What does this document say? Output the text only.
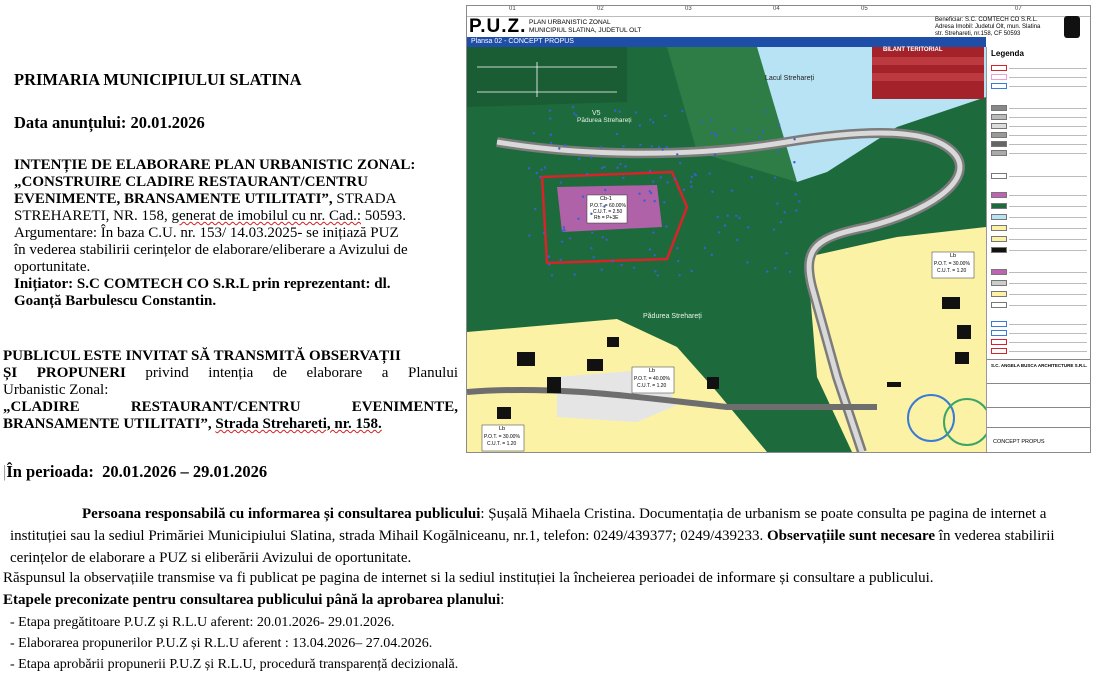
PRIMARIA MUNICIPIULUI SLATINA
Data anunțului: 20.01.2026
INTENȚIE DE ELABORARE PLAN URBANISTIC ZONAL:
„CONSTRUIRE CLADIRE RESTAURANT/CENTRU
EVENIMENTE, BRANSAMENTE UTILITATI”, STRADA
STREHARETI, NR. 158, generat de imobilul cu nr. Cad.: 50593.
Argumentare: În baza C.U. nr. 153/ 14.03.2025- se inițiază PUZ
în vederea stabilirii cerințelor de elaborare/eliberare a Avizului de
oportunitate.
Inițiator: S.C COMTECH CO S.R.L prin reprezentant: dl.
Goanță Barbulescu Constantin.
PUBLICUL ESTE INVITAT SĂ TRANSMITĂ OBSERVAȚII
ȘI PROPUNERI privind intenția de elaborare a Planului
Urbanistic Zonal:
„CLADIRE RESTAURANT/CENTRU EVENIMENTE,
BRANSAMENTE UTILITATI”, Strada Strehareti, nr. 158.
|În perioada: 20.01.2026 – 29.01.2026
Persoana responsabilă cu informarea și consultarea publicului: Șușală Mihaela Cristina. Documentația de urbanism se poate consulta pe pagina de internet a instituției sau la sediul Primăriei Municipiului Slatina, strada Mihail Kogălniceanu, nr.1, telefon: 0249/439377; 0249/439233. Observațiile sunt necesare în vederea stabilirii cerințelor de elaborare a PUZ si eliberării Avizului de oportunitate.
Răspunsul la observațiile transmise va fi publicat pe pagina de internet si la sediul instituției la încheierea perioadei de informare și consultare a publicului.
Etapele preconizate pentru consultarea publicului până la aprobarea planului:
- Etapa pregătitoare P.U.Z și R.L.U aferent: 20.01.2026- 29.01.2026.
- Elaborarea propunerilor P.U.Z și R.L.U aferent : 13.04.2026– 27.04.2026.
- Etapa aprobării propunerii P.U.Z și R.L.U, procedură transparență decizională.
01	02	03	04	05	07
P.U.Z. PLAN URBANISTIC ZONAL
MUNICIPIUL SLATINA, JUDETUL OLT
Beneficiar: S.C. COMTECH CO S.R.L.
Adresa Imobil: Judetul Olt, mun. Slatina
str. Strehareti, nr.158, CF 50593
Plansa 02 - CONCEPT PROPUS
Lacul Strehareți
V5
Pădurea Strehareți
Pădurea Strehareți
BILANT TERITORIAL
Cb-1
P.O.T. = 60.00%
C.U.T. = 2.50
Rh = P+3E
Lb
P.O.T. = 30.00%
C.U.T. = 1.20
Lb
P.O.T. = 40.00%
C.U.T. = 1.20
Lb
P.O.T. = 30.00%
C.U.T. = 1.20
Legenda
S.C. ANGELA BUSCA ARCHITECTURE S.R.L.
CONCEPT PROPUS
